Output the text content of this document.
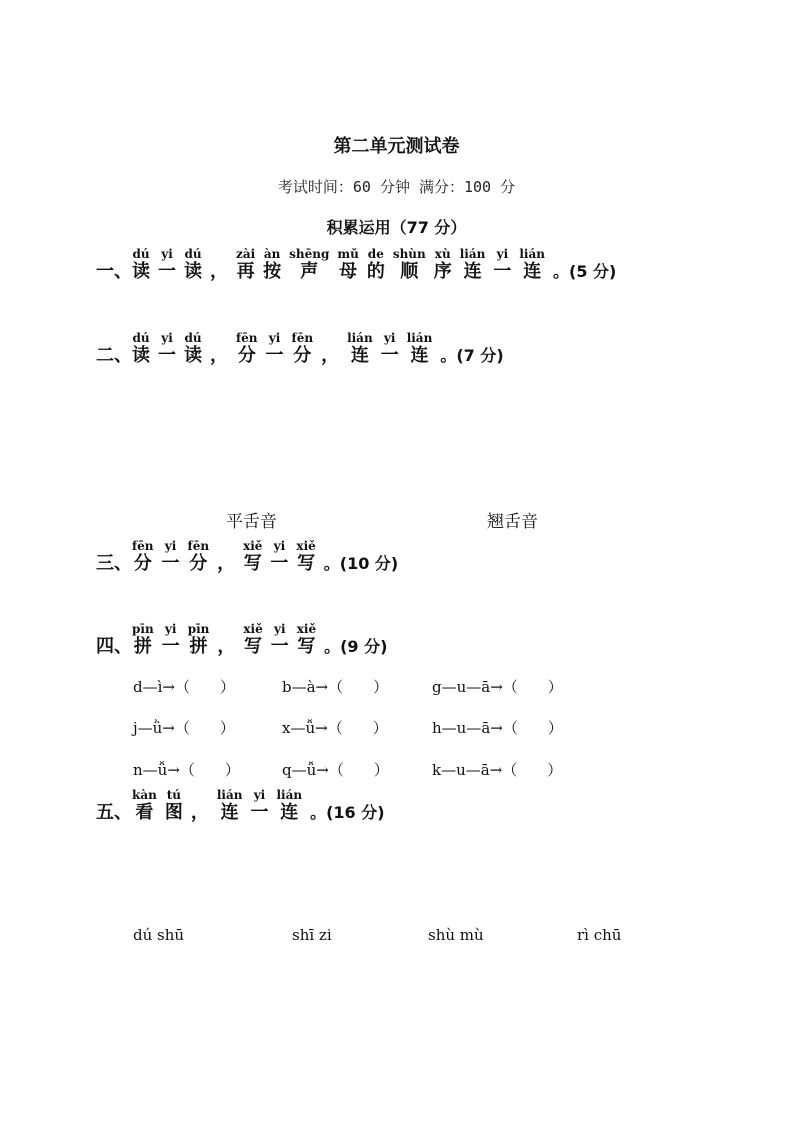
第二单元测试卷
考试时间：60 分钟 满分：100 分
积累运用（77 分）
一、
dú
读
yi
一
dú
读 ，
zài
再
àn
按
shēng
声
mǔ
母
de
的
shùn
顺
xù
序
lián
连
yi
一
lián
连 。(5 分)
二、
dú
读
yi
一
dú
读 ，
fēn
分
yi
一
fēn
分 ，
lián
连
yi
一
lián
连 。(7 分)
平舌音	翘舌音
三、
fēn
分
yi
一
fēn
分 ，
xiě
写
yi
一
xiě
写 。(10 分)
四、
pīn
拼
yi
一
pīn
拼 ，
xiě
写
yi
一
xiě
写 。(9 分)
d—ì→（　　）	b—à→（　　）	g—u—ā→（　　）
j—ǜ→（　　）	x—ǚ→（　　）	h—u—ā→（　　）
n—ǚ→（　　）	q—ǚ→（　　）	k—u—ā→（　　）
五、
kàn
看
tú
图 ，
lián
连
yi
一
lián
连 。(16 分)
dú shū	shī zi	shù mù	rì chū
